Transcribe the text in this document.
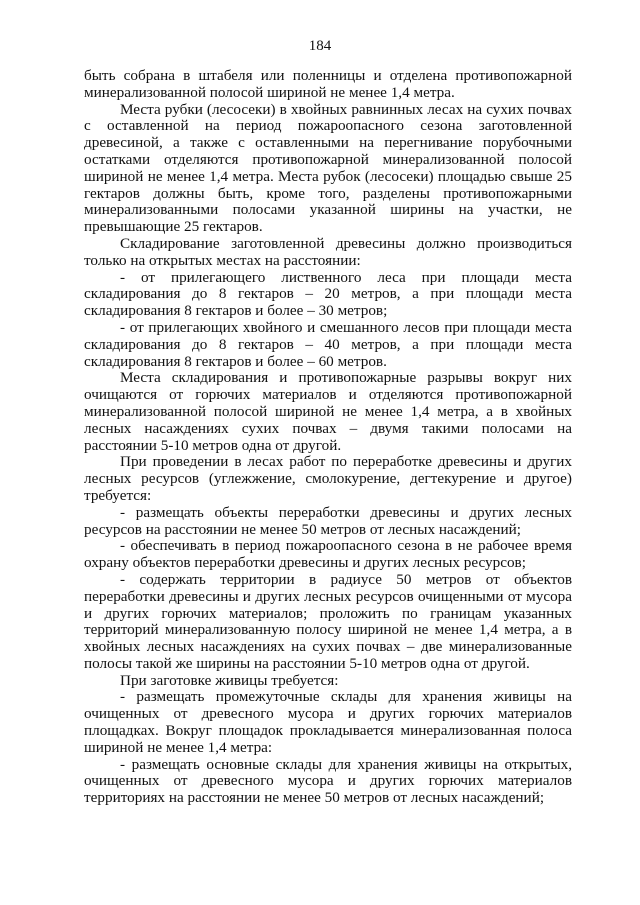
184

быть собрана в штабеля или поленницы и отделена противопожарной минерализованной полосой шириной не менее 1,4 метра.

Места рубки (лесосеки) в хвойных равнинных лесах на сухих почвах с оставленной на период пожароопасного сезона заготовленной древесиной, а также с оставленными на перегнивание порубочными остатками отделяются противопожарной минерализованной полосой шириной не менее 1,4 метра. Места рубок (лесосеки) площадью свыше 25 гектаров должны быть, кроме того, разделены противопожарными минерализованными полосами указанной ширины на участки, не превышающие 25 гектаров.

Складирование заготовленной древесины должно производиться только на открытых местах на расстоянии:

- от прилегающего лиственного леса при площади места складирования до 8 гектаров – 20 метров, а при площади места складирования 8 гектаров и более – 30 метров;

- от прилегающих хвойного и смешанного лесов при площади места складирования до 8 гектаров – 40 метров, а при площади места складирования 8 гектаров и более – 60 метров.

Места складирования и противопожарные разрывы вокруг них очищаются от горючих материалов и отделяются противопожарной минерализованной полосой шириной не менее 1,4 метра, а в хвойных лесных насаждениях сухих почвах – двумя такими полосами на расстоянии 5-10 метров одна от другой.

При проведении в лесах работ по переработке древесины и других лесных ресурсов (углежжение, смолокурение, дегтекурение и другое) требуется:

- размещать объекты переработки древесины и других лесных ресурсов на расстоянии не менее 50 метров от лесных насаждений;

- обеспечивать в период пожароопасного сезона в не рабочее время охрану объектов переработки древесины и других лесных ресурсов;

- содержать территории в радиусе 50 метров от объектов переработки древесины и других лесных ресурсов очищенными от мусора и других горючих материалов; проложить по границам указанных территорий минерализованную полосу шириной не менее 1,4 метра, а в хвойных лесных насаждениях на сухих почвах – две минерализованные полосы такой же ширины на расстоянии 5-10 метров одна от другой.

При заготовке живицы требуется:

- размещать промежуточные склады для хранения живицы на очищенных от древесного мусора и других горючих материалов площадках. Вокруг площадок прокладывается минерализованная полоса шириной не менее 1,4 метра:

- размещать основные склады для хранения живицы на открытых, очищенных от древесного мусора и других горючих материалов территориях на расстоянии не менее 50 метров от лесных насаждений;
